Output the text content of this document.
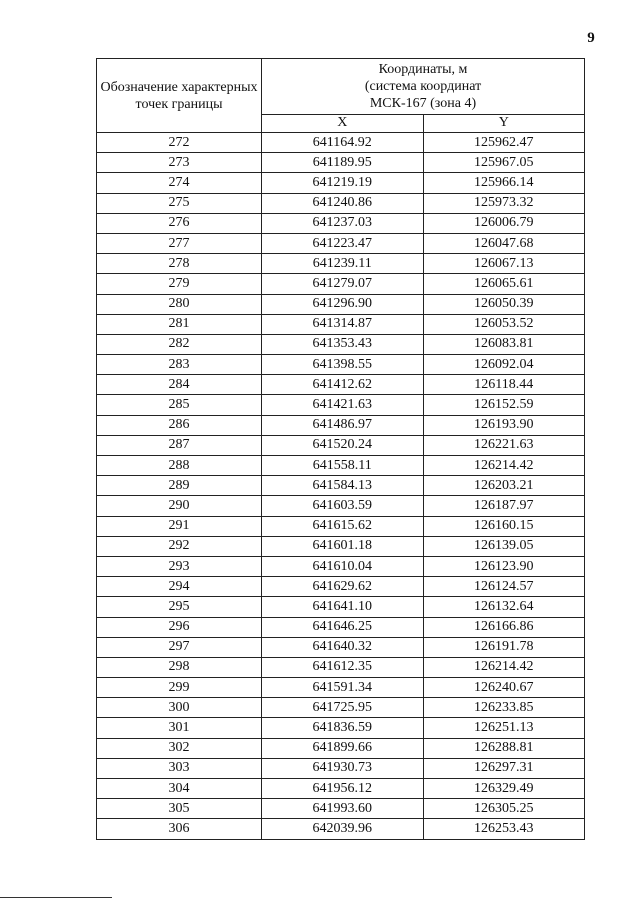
9
Обозначение характерных точек границы	Координаты, м
(система координат
МСК-167 (зона 4)	

	X	Y
272	641164.92	125962.47
273	641189.95	125967.05
274	641219.19	125966.14
275	641240.86	125973.32
276	641237.03	126006.79
277	641223.47	126047.68
278	641239.11	126067.13
279	641279.07	126065.61
280	641296.90	126050.39
281	641314.87	126053.52
282	641353.43	126083.81
283	641398.55	126092.04
284	641412.62	126118.44
285	641421.63	126152.59
286	641486.97	126193.90
287	641520.24	126221.63
288	641558.11	126214.42
289	641584.13	126203.21
290	641603.59	126187.97
291	641615.62	126160.15
292	641601.18	126139.05
293	641610.04	126123.90
294	641629.62	126124.57
295	641641.10	126132.64
296	641646.25	126166.86
297	641640.32	126191.78
298	641612.35	126214.42
299	641591.34	126240.67
300	641725.95	126233.85
301	641836.59	126251.13
302	641899.66	126288.81
303	641930.73	126297.31
304	641956.12	126329.49
305	641993.60	126305.25
306	642039.96	126253.43
